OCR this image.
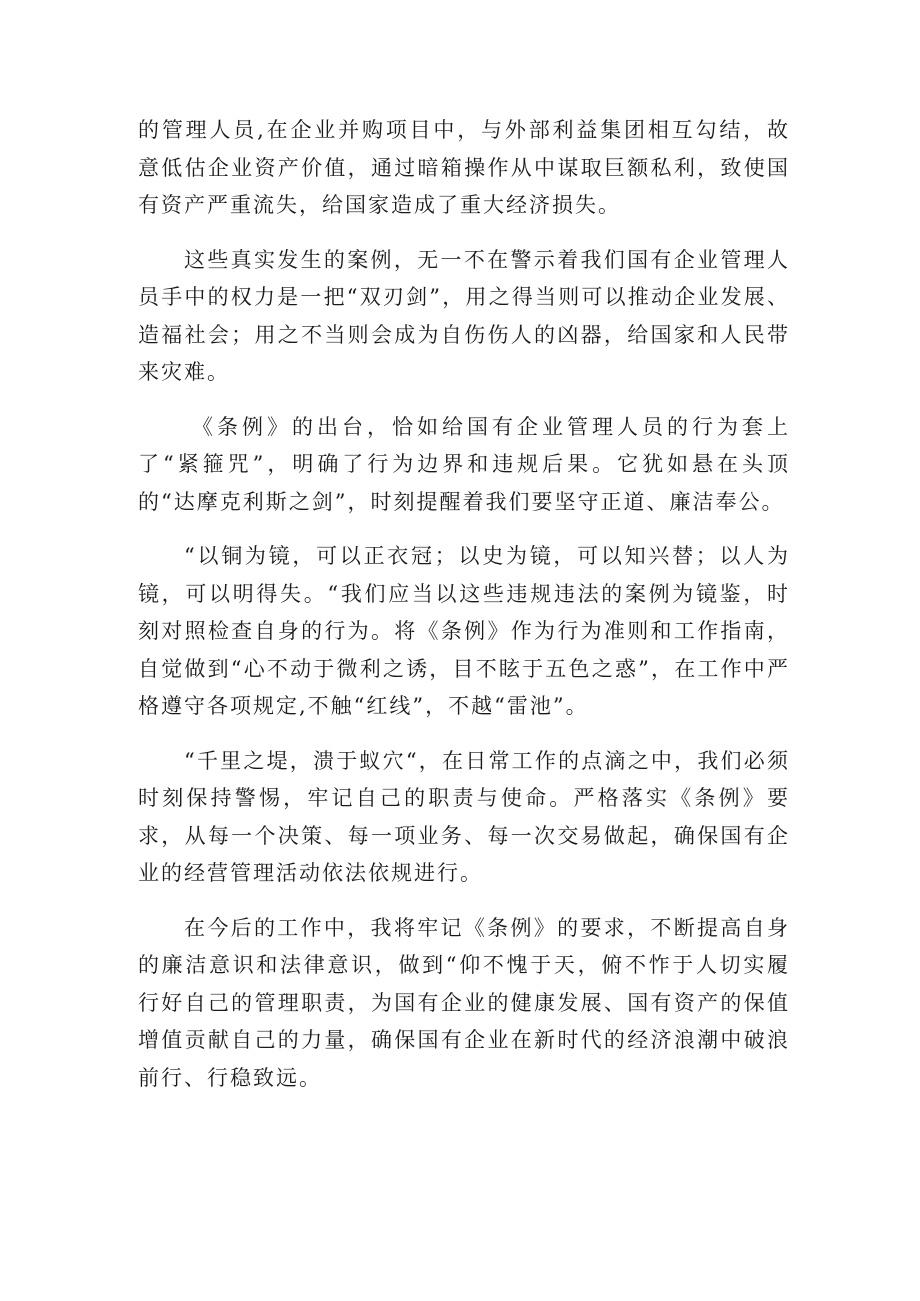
的管理人员,在企业并购项目中，与外部利益集团相互勾结，故意低估企业资产价值，通过暗箱操作从中谋取巨额私利，致使国有资产严重流失，给国家造成了重大经济损失。

这些真实发生的案例，无一不在警示着我们国有企业管理人员手中的权力是一把“双刃剑”，用之得当则可以推动企业发展、造福社会；用之不当则会成为自伤伤人的凶器，给国家和人民带来灾难。

《条例》的出台，恰如给国有企业管理人员的行为套上了“紧箍咒”，明确了行为边界和违规后果。它犹如悬在头顶的“达摩克利斯之剑”，时刻提醒着我们要坚守正道、廉洁奉公。

“以铜为镜，可以正衣冠；以史为镜，可以知兴替；以人为镜，可以明得失。“我们应当以这些违规违法的案例为镜鉴，时刻对照检查自身的行为。将《条例》作为行为准则和工作指南，自觉做到“心不动于微利之诱，目不眩于五色之惑”，在工作中严格遵守各项规定,不触“红线”，不越“雷池”。

“千里之堤，溃于蚁穴“，在日常工作的点滴之中，我们必须时刻保持警惕，牢记自己的职责与使命。严格落实《条例》要求，从每一个决策、每一项业务、每一次交易做起，确保国有企业的经营管理活动依法依规进行。

在今后的工作中，我将牢记《条例》的要求，不断提高自身的廉洁意识和法律意识，做到“仰不愧于天，俯不怍于人切实履行好自己的管理职责，为国有企业的健康发展、国有资产的保值增值贡献自己的力量，确保国有企业在新时代的经济浪潮中破浪前行、行稳致远。
